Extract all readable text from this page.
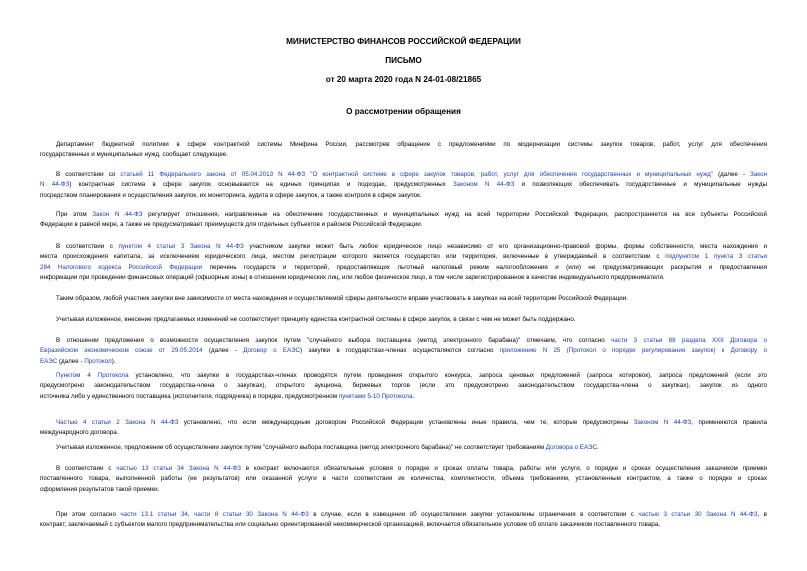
МИНИСТЕРСТВО ФИНАНСОВ РОССИЙСКОЙ ФЕДЕРАЦИИ
ПИСЬМО
от 20 марта 2020 года N 24-01-08/21865
О рассмотрении обращения
Департамент бюджетной политики в сфере контрактной системы Минфина России, рассмотрев обращение с предложениями по модернизации системы закупок товаров, работ, услуг для обеспечения
государственных и муниципальных нужд, сообщает следующее.
В соответствии со статьей 11 Федерального закона от 05.04.2013 N 44-ФЗ "О контрактной системе в сфере закупок товаров, работ, услуг для обеспечения государственных и муниципальных нужд" (далее - Закон
N 44-ФЗ) контрактная система в сфере закупок основывается на единых принципах и подходах, предусмотренных Законом N 44-ФЗ и позволяющих обеспечивать государственные и муниципальные нужды
посредством планирования и осуществления закупок, их мониторинга, аудита в сфере закупок, а также контроля в сфере закупок.
При этом Закон N 44-ФЗ регулирует отношения, направленные на обеспечение государственных и муниципальных нужд на всей территории Российской Федерации, распространяется на все субъекты Российской
Федерации в равной мере, а также не предусматривает преимуществ для отдельных субъектов и районов Российской Федерации.
В соответствии с пунктом 4 статьи 3 Закона N 44-ФЗ участником закупки может быть любое юридическое лицо независимо от его организационно-правовой формы, формы собственности, места нахождения и
места происхождения капитала, за исключением юридического лица, местом регистрации которого является государство или территория, включенные в утверждаемый в соответствии с подпунктом 1 пункта 3 статьи
284 Налогового кодекса Российской Федерации перечень государств и территорий, предоставляющих льготный налоговый режим налогообложения и (или) не предусматривающих раскрытия и предоставления
информации при проведении финансовых операций (офшорные зоны) в отношении юридических лиц, или любое физическое лицо, в том числе зарегистрированное в качестве индивидуального предпринимателя.
Таким образом, любой участник закупки вне зависимости от места нахождения и осуществляемой сферы деятельности вправе участвовать в закупках на всей территории Российской Федерации.
Учитывая изложенное, внесение предлагаемых изменений не соответствует принципу единства контрактной системы в сфере закупок, в связи с чем не может быть поддержано.
В отношении предложения о возможности осуществления закупок путем "случайного выбора поставщика (метод электронного барабана)" отмечаем, что согласно части 3 статьи 88 раздела XXII Договора о
Евразийском экономическом союзе от 29.05.2014 (далее - Договор о ЕАЭС) закупки в государствах-членах осуществляются согласно приложению N 25 (Протокол о порядке регулирования закупок) к Договору о
ЕАЭС (далее - Протокол).
Пунктом 4 Протокола установлено, что закупки в государствах-членах проводятся путем проведения открытого конкурса, запроса ценовых предложений (запроса котировок), запроса предложений (если это
предусмотрено законодательством государства-члена о закупках), открытого аукциона, биржевых торгов (если это предусмотрено законодательством государства-члена о закупках), закупок из одного
источника либо у единственного поставщика (исполнителя, подрядчика) в порядке, предусмотренном пунктами 5-10 Протокола.
Частью 4 статьи 2 Закона N 44-ФЗ установлено, что если международным договором Российской Федерации установлены иные правила, чем те, которые предусмотрены Законом N 44-ФЗ, применяются правила
международного договора.
Учитывая изложенное, предложение об осуществлении закупок путем "случайного выбора поставщика (метод электронного барабана)" не соответствует требованиям Договора о ЕАЭС.
В соответствии с частью 13 статьи 34 Закона N 44-ФЗ в контракт включаются обязательные условия о порядке и сроках оплаты товара, работы или услуги, о порядке и сроках осуществления заказчиком приемки
поставленного товара, выполненной работы (ее результатов) или оказанной услуги в части соответствия их количества, комплектности, объема требованиям, установленным контрактом, а также о порядке и сроках
оформления результатов такой приемки.
При этом согласно части 13.1 статьи 34, части 8 статьи 30 Закона N 44-ФЗ в случае, если в извещении об осуществлении закупки установлены ограничения в соответствии с частью 3 статьи 30 Закона N 44-ФЗ, в
контракт, заключаемый с субъектом малого предпринимательства или социально ориентированной некоммерческой организацией, включается обязательное условие об оплате заказчиком поставленного товара,
